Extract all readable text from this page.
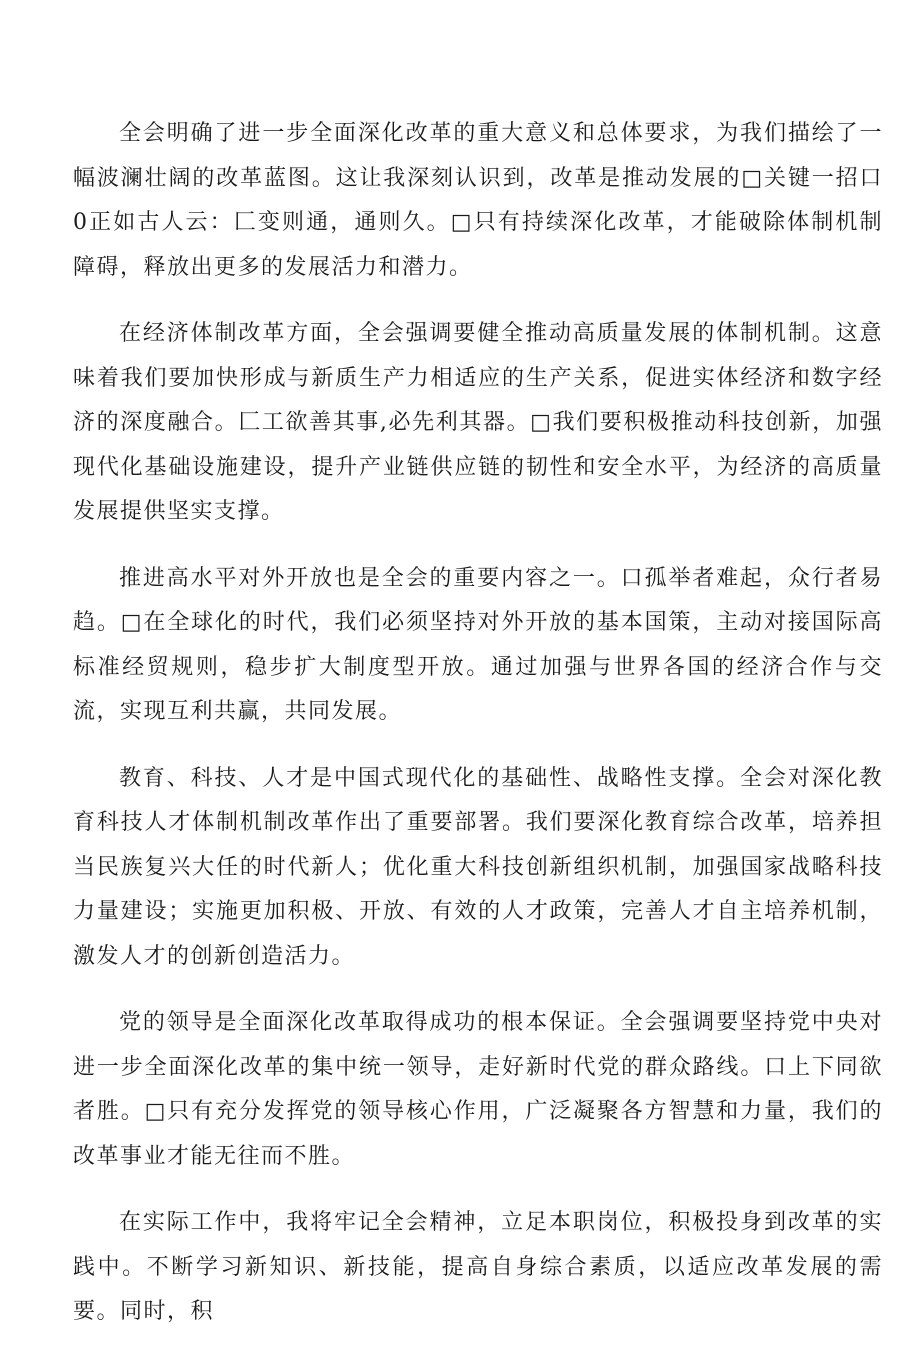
全会明确了进一步全面深化改革的重大意义和总体要求，为我们描绘了一幅波澜壮阔的改革蓝图。这让我深刻认识到，改革是推动发展的□关键一招口0正如古人云：匚变则通，通则久。□只有持续深化改革，才能破除体制机制障碍，释放出更多的发展活力和潜力。

在经济体制改革方面，全会强调要健全推动高质量发展的体制机制。这意味着我们要加快形成与新质生产力相适应的生产关系，促进实体经济和数字经济的深度融合。匚工欲善其事,必先利其器。□我们要积极推动科技创新，加强现代化基础设施建设，提升产业链供应链的韧性和安全水平，为经济的高质量发展提供坚实支撑。

推进高水平对外开放也是全会的重要内容之一。口孤举者难起，众行者易趋。□在全球化的时代，我们必须坚持对外开放的基本国策，主动对接国际高标准经贸规则，稳步扩大制度型开放。通过加强与世界各国的经济合作与交流，实现互利共赢，共同发展。

教育、科技、人才是中国式现代化的基础性、战略性支撑。全会对深化教育科技人才体制机制改革作出了重要部署。我们要深化教育综合改革，培养担当民族复兴大任的时代新人；优化重大科技创新组织机制，加强国家战略科技力量建设；实施更加积极、开放、有效的人才政策，完善人才自主培养机制，激发人才的创新创造活力。

党的领导是全面深化改革取得成功的根本保证。全会强调要坚持党中央对进一步全面深化改革的集中统一领导，走好新时代党的群众路线。口上下同欲者胜。□只有充分发挥党的领导核心作用，广泛凝聚各方智慧和力量，我们的改革事业才能无往而不胜。

在实际工作中，我将牢记全会精神，立足本职岗位，积极投身到改革的实践中。不断学习新知识、新技能，提高自身综合素质，以适应改革发展的需要。同时，积
